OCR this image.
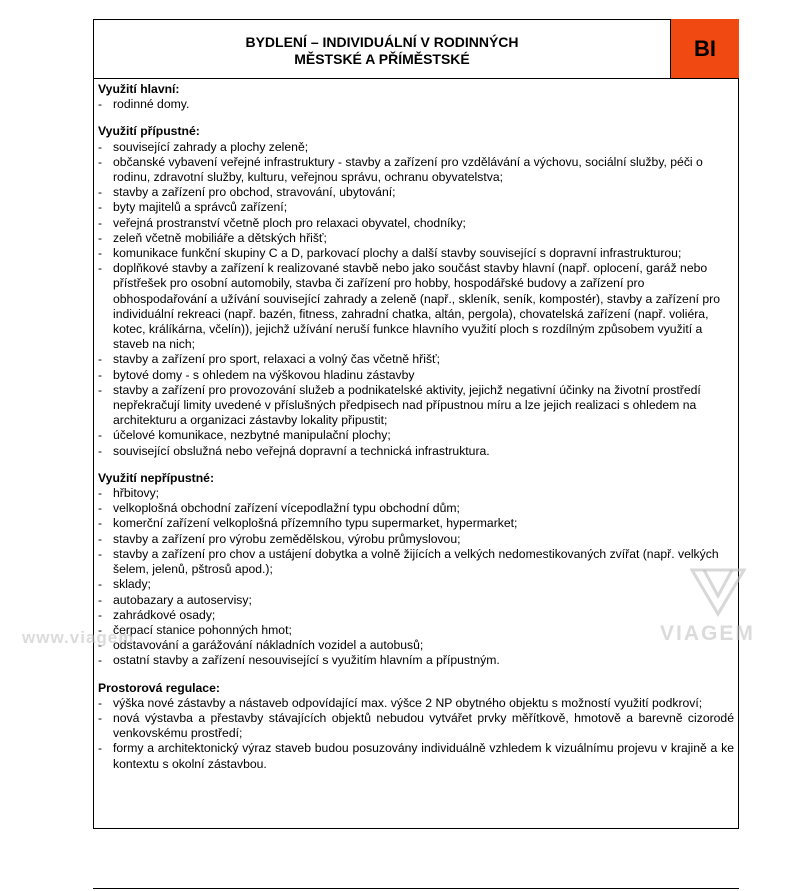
BYDLENÍ – INDIVIDUÁLNÍ V RODINNÝCH
MĚSTSKÉ A PŘÍMĚSTSKÉ	BI

Využití hlavní:

- rodinné domy.

Využití přípustné:

- související zahrady a plochy zeleně;
- občanské vybavení veřejné infrastruktury - stavby a zařízení pro vzdělávání a výchovu, sociální služby, péči o rodinu, zdravotní služby, kulturu, veřejnou správu, ochranu obyvatelstva;
- stavby a zařízení pro obchod, stravování, ubytování;
- byty majitelů a správců zařízení;
- veřejná prostranství včetně ploch pro relaxaci obyvatel, chodníky;
- zeleň včetně mobiliáře a dětských hřišť;
- komunikace funkční skupiny C a D, parkovací plochy a další stavby související s dopravní infrastrukturou;
- doplňkové stavby a zařízení k realizované stavbě nebo jako součást stavby hlavní (např. oplocení, garáž nebo přístřešek pro osobní automobily, stavba či zařízení pro hobby, hospodářské budovy a zařízení pro obhospodařování a užívání související zahrady a zeleně (např., skleník, seník, kompostér), stavby a zařízení pro individuální rekreaci (např. bazén, fitness, zahradní chatka, altán, pergola), chovatelská zařízení (např. voliéra, kotec, králíkárna, včelín)), jejichž užívání neruší funkce hlavního využití ploch s rozdílným způsobem využití a staveb na nich;
- stavby a zařízení pro sport, relaxaci a volný čas včetně hřišť;
- bytové domy - s ohledem na výškovou hladinu zástavby
- stavby a zařízení pro provozování služeb a podnikatelské aktivity, jejichž negativní účinky na životní prostředí nepřekračují limity uvedené v příslušných předpisech nad přípustnou míru a lze jejich realizaci s ohledem na architekturu a organizaci zástavby lokality připustit;
- účelové komunikace, nezbytné manipulační plochy;
- související obslužná nebo veřejná dopravní a technická infrastruktura.

Využití nepřípustné:

- hřbitovy;
- velkoplošná obchodní zařízení vícepodlažní typu obchodní dům;
- komerční zařízení velkoplošná přízemního typu supermarket, hypermarket;
- stavby a zařízení pro výrobu zemědělskou, výrobu průmyslovou;
- stavby a zařízení pro chov a ustájení dobytka a volně žijících a velkých nedomestikovaných zvířat (např. velkých šelem, jelenů, pštrosů apod.);
- sklady;
- autobazary a autoservisy;
- zahrádkové osady;
- čerpací stanice pohonných hmot;
- odstavování a garážování nákladních vozidel a autobusů;
- ostatní stavby a zařízení nesouvisející s využitím hlavním a přípustným.

Prostorová regulace:

- výška nové zástavby a nástaveb odpovídající max. výšce 2 NP obytného objektu s možností využití podkroví;
- nová výstavba a přestavby stávajících objektů nebudou vytvářet prvky měřítkově, hmotově a barevně cizorodé venkovskému prostředí;
- formy a architektonický výraz staveb budou posuzovány individuálně vzhledem k vizuálnímu projevu v krajině a ke kontextu s okolní zástavbou.
www.viagem	VIAGEM
